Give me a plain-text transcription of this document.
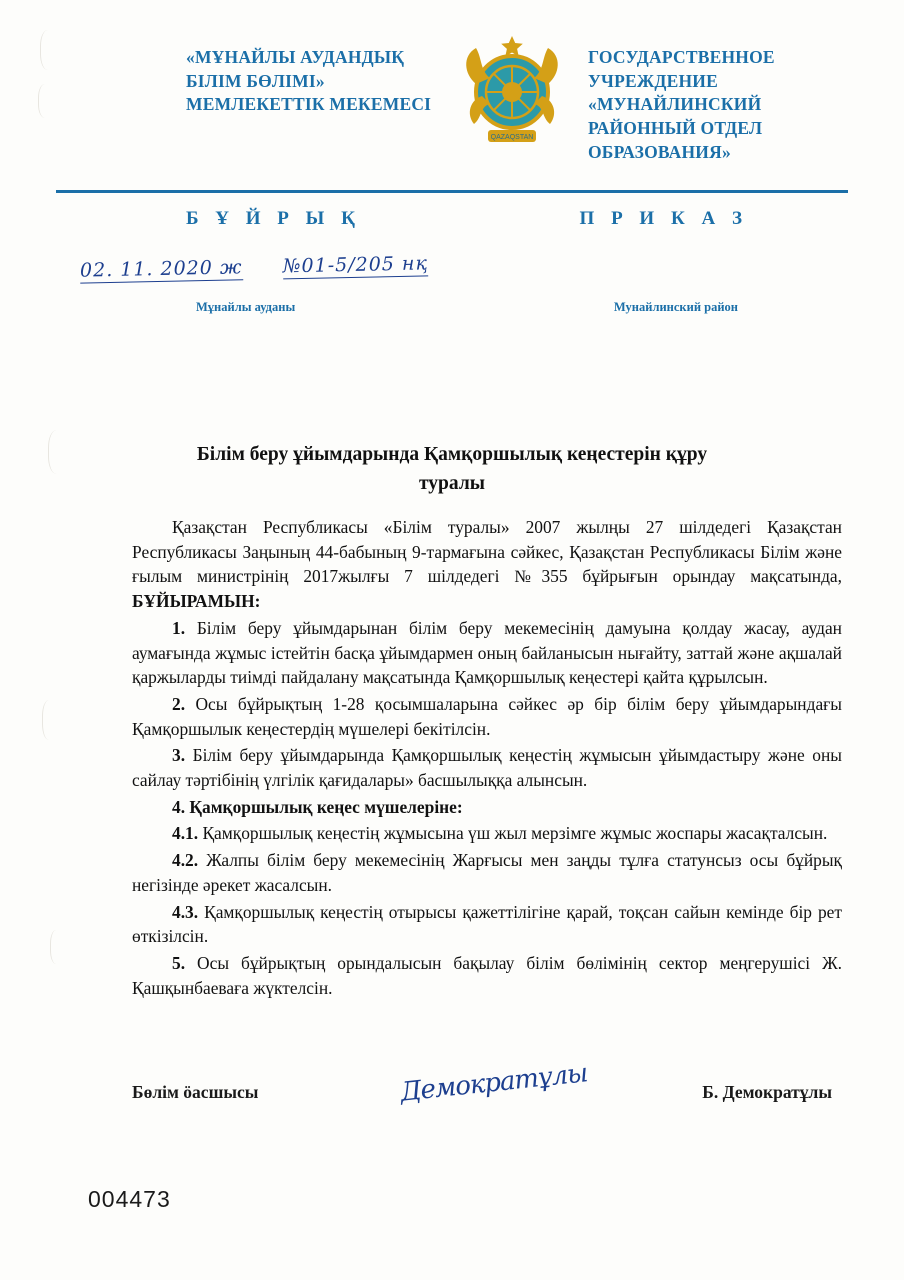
«МҰНАЙЛЫ АУДАНДЫҚ БІЛІМ БӨЛІМІ» МЕМЛЕКЕТТІК МЕКЕМЕСІ
QAZAQSTAN
ГОСУДАРСТВЕННОЕ УЧРЕЖДЕНИЕ «МУНАЙЛИНСКИЙ РАЙОННЫЙ ОТДЕЛ ОБРАЗОВАНИЯ»
Б Ұ Й Р Ы Қ	П Р И К А З
02. 11. 2020 ж №01-5/205 нқ
Мұнайлы ауданы	Мунайлинский район
Білім беру ұйымдарында Қамқоршылық кеңестерін құру туралы

Қазақстан Республикасы «Білім туралы» 2007 жылңы 27 шілдедегі Қазақстан Республикасы Заңының 44-бабының 9-тармағына сәйкес, Қазақстан Республикасы Білім және ғылым министрінің 2017жылғы 7 шілдедегі №355 бұйрығын орындау мақсатында, БҰЙЫРАМЫН:

1. Білім беру ұйымдарынан білім беру мекемесінің дамуына қолдау жасау, аудан аумағында жұмыс істейтін басқа ұйымдармен оның байланысын нығайту, заттай және ақшалай қаржыларды тиімді пайдалану мақсатында Қамқоршылық кеңестері қайта құрылсын.

2. Осы бұйрықтың 1-28 қосымшаларына сәйкес әр бір білім беру ұйымдарындағы Қамқоршылык кеңестердің мүшелері бекітілсін.

3. Білім беру ұйымдарында Қамқоршылық кеңестің жұмысын ұйымдастыру және оны сайлау тәртібінің үлгілік қағидалары» басшылыққа алынсын.

4. Қамқоршылық кеңес мүшелеріне:

4.1. Қамқоршылық кеңестің жұмысына үш жыл мерзімге жұмыс жоспары жасақталсын.

4.2. Жалпы білім беру мекемесінің Жарғысы мен заңды тұлға статунсыз осы бұйрық негізінде әрекет жасалсын.

4.3. Қамқоршылық кеңестің отырысы қажеттілігіне қарай, тоқсан сайын кемінде бір рет өткізілсін.

5. Осы бұйрықтың орындалысын бақылау білім бөлімінің сектор меңгерушісі Ж. Қашқынбаеваға жүктелсін.

Демократұлы
Бөлім öасшысы	Б. Демократұлы
004473
